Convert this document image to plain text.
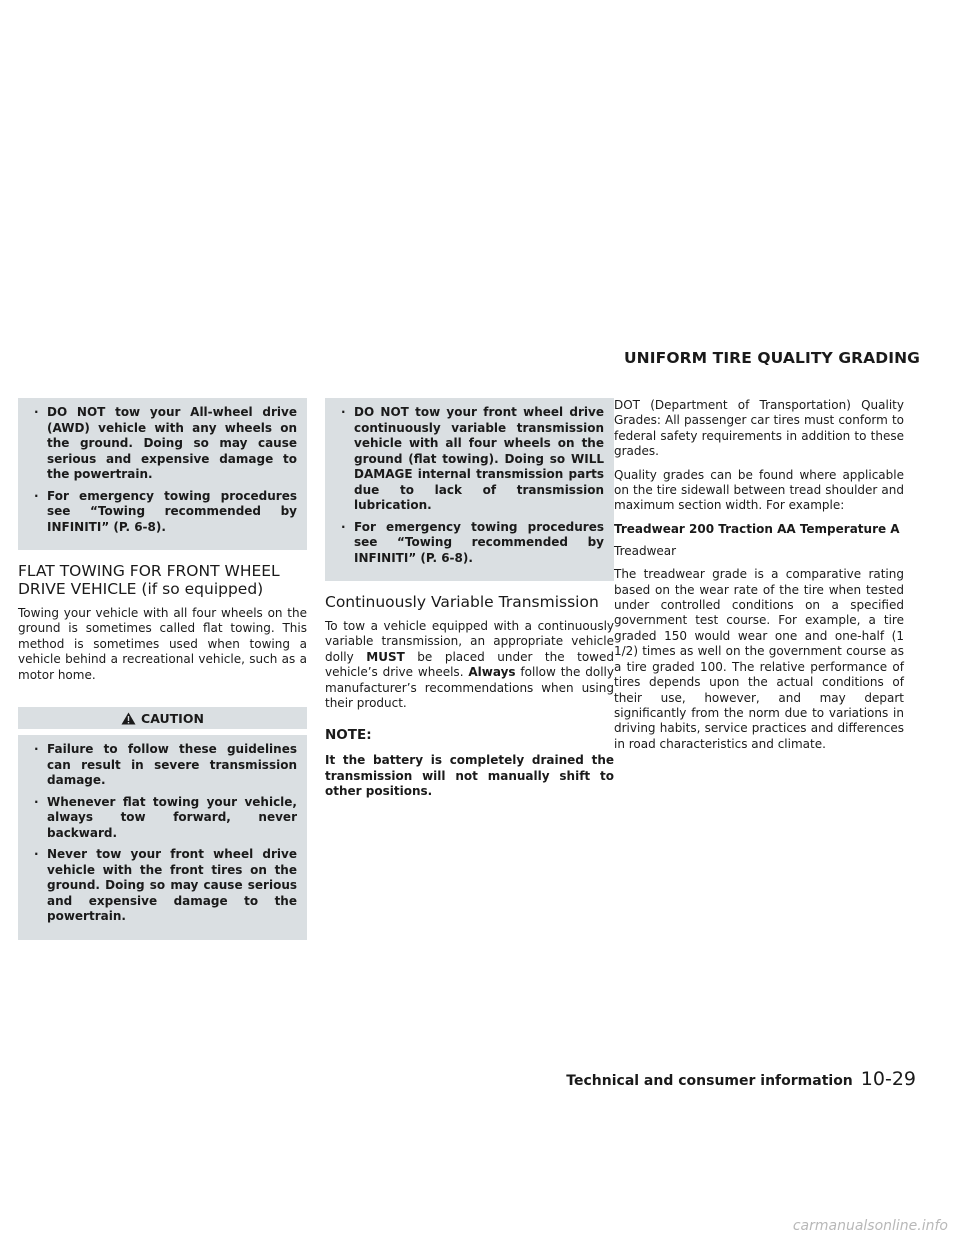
UNIFORM TIRE QUALITY GRADING
· DO NOT tow your All-wheel drive (AWD) vehicle with any wheels on the ground. Doing so may cause serious and expensive damage to the powertrain.
· For emergency towing procedures see “Towing recommended by INFINITI” (P. 6-8).
FLAT TOWING FOR FRONT WHEEL DRIVE VEHICLE (if so equipped)

Towing your vehicle with all four wheels on the ground is sometimes called flat towing. This method is sometimes used when towing a vehicle behind a recreational vehicle, such as a motor home.

CAUTION
· Failure to follow these guidelines can result in severe transmission damage.
· Whenever flat towing your vehicle, always tow forward, never backward.
· Never tow your front wheel drive vehicle with the front tires on the ground. Doing so may cause serious and expensive damage to the powertrain.
· DO NOT tow your front wheel drive continuously variable transmission vehicle with all four wheels on the ground (flat towing). Doing so WILL DAMAGE internal transmission parts due to lack of transmission lubrication.
· For emergency towing procedures see “Towing recommended by INFINITI” (P. 6-8).
Continuously Variable Transmission

To tow a vehicle equipped with a continuously variable transmission, an appropriate vehicle dolly MUST be placed under the towed vehicle’s drive wheels. Always follow the dolly manufacturer’s recommendations when using their product.

NOTE:

It the battery is completely drained the transmission will not manually shift to other positions.

DOT (Department of Transportation) Quality Grades: All passenger car tires must conform to federal safety requirements in addition to these grades.

Quality grades can be found where applicable on the tire sidewall between tread shoulder and maximum section width. For example:

Treadwear 200 Traction AA Temperature A

Treadwear

The treadwear grade is a comparative rating based on the wear rate of the tire when tested under controlled conditions on a specified government test course. For example, a tire graded 150 would wear one and one-half (1 1/2) times as well on the government course as a tire graded 100. The relative performance of tires depends upon the actual conditions of their use, however, and may depart significantly from the norm due to variations in driving habits, service practices and differences in road characteristics and climate.

Technical and consumer information 10-29
carmanualsonline.info
